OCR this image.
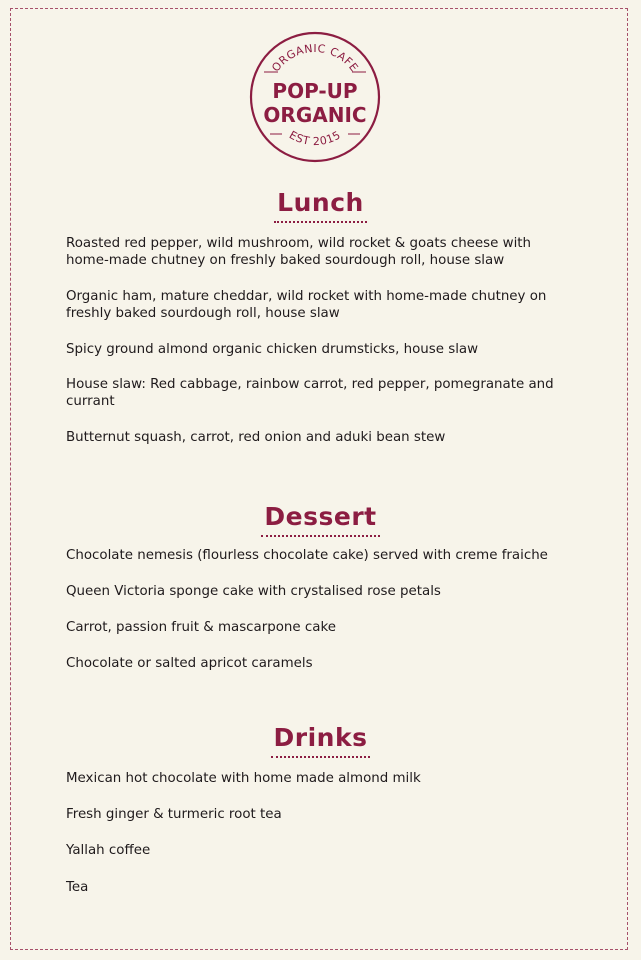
ORGANIC CAFE
EST 2015
POP-UP
ORGANIC
Lunch

Roasted red pepper, wild mushroom, wild rocket & goats cheese with home-made chutney on freshly baked sourdough roll, house slaw

Organic ham, mature cheddar, wild rocket with home-made chutney on freshly baked sourdough roll, house slaw

Spicy ground almond organic chicken drumsticks, house slaw

House slaw: Red cabbage, rainbow carrot, red pepper, pomegranate and currant

Butternut squash, carrot, red onion and aduki bean stew

Dessert

Chocolate nemesis (flourless chocolate cake) served with creme fraiche

Queen Victoria sponge cake with crystalised rose petals

Carrot, passion fruit & mascarpone cake

Chocolate or salted apricot caramels

Drinks

Mexican hot chocolate with home made almond milk

Fresh ginger & turmeric root tea

Yallah coffee

Tea
